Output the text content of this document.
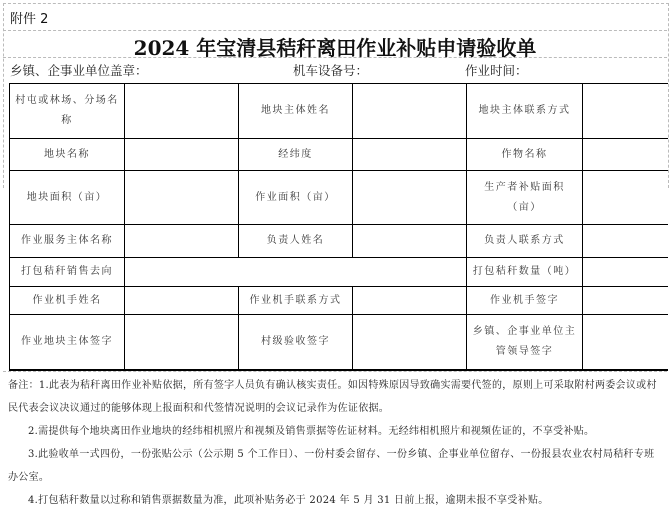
附件 2
2024 年宝清县秸秆离田作业补贴申请验收单
乡镇、企事业单位盖章：	机车设备号：	作业时间：
村屯或林场、分场名称		地块主体姓名		地块主体联系方式	
地块名称		经纬度		作物名称	
地块面积（亩）		作业面积（亩）		生产者补贴面积（亩）	
作业服务主体名称		负责人姓名		负责人联系方式	
打包秸秆销售去向				打包秸秆数量（吨）	
作业机手姓名		作业机手联系方式		作业机手签字	
作业地块主体签字		村级验收签字		乡镇、企事业单位主管领导签字	

备注：1.此表为秸秆离田作业补贴依据，所有签字人员负有确认核实责任。如因特殊原因导致确实需要代签的，原则上可采取附村两委会议或村民代表会议决议通过的能够体现上报面积和代签情况说明的会议记录作为佐证依据。

2.需提供每个地块离田作业地块的经纬相机照片和视频及销售票据等佐证材料。无经纬相机照片和视频佐证的，不享受补贴。

3.此验收单一式四份，一份张贴公示（公示期 5 个工作日）、一份村委会留存、一份乡镇、企事业单位留存、一份报县农业农村局秸秆专班办公室。

4.打包秸秆数量以过称和销售票据数量为准，此项补贴务必于 2024 年 5 月 31 日前上报，逾期未报不享受补贴。
